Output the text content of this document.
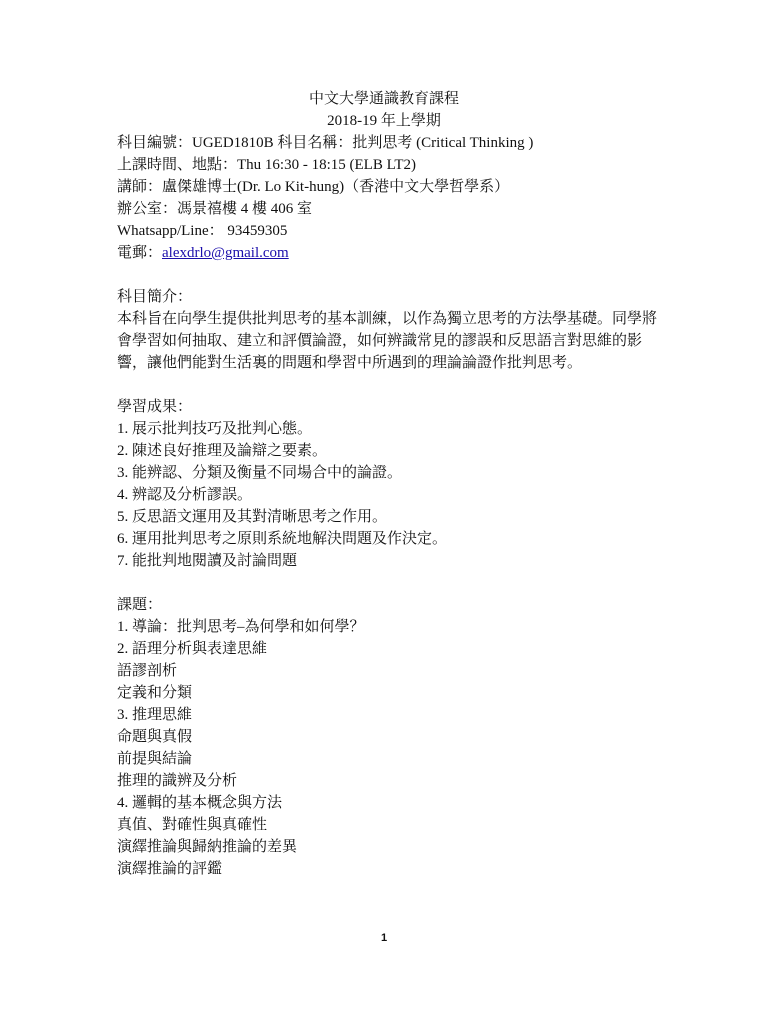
中文大學通識教育課程
2018-19 年上學期
科目編號：UGED1810B 科目名稱：批判思考 (Critical Thinking )
上課時間、地點：Thu 16:30 - 18:15 (ELB LT2)
講師：盧傑雄博士(Dr. Lo Kit-hung)（香港中文大學哲學系）
辦公室：馮景禧樓 4 樓 406 室
Whatsapp/Line： 93459305
電郵：alexdrlo@gmail.com
科目簡介：
本科旨在向學生提供批判思考的基本訓練，以作為獨立思考的方法學基礎。同學將會學習如何抽取、建立和評價論證，如何辨識常見的謬誤和反思語言對思維的影響，讓他們能對生活裏的問題和學習中所遇到的理論論證作批判思考。
學習成果：
1. 展示批判技巧及批判心態。
2. 陳述良好推理及論辯之要素。
3. 能辨認、分類及衡量不同場合中的論證。
4. 辨認及分析謬誤。
5. 反思語文運用及其對清晰思考之作用。
6. 運用批判思考之原則系統地解決問題及作決定。
7. 能批判地閱讀及討論問題
課題：
1. 導論：批判思考–為何學和如何學？
2. 語理分析與表達思維
語謬剖析
定義和分類
3. 推理思維
命題與真假
前提與結論
推理的識辨及分析
4. 邏輯的基本概念與方法
真值、對確性與真確性
演繹推論與歸納推論的差異
演繹推論的評鑑
1
